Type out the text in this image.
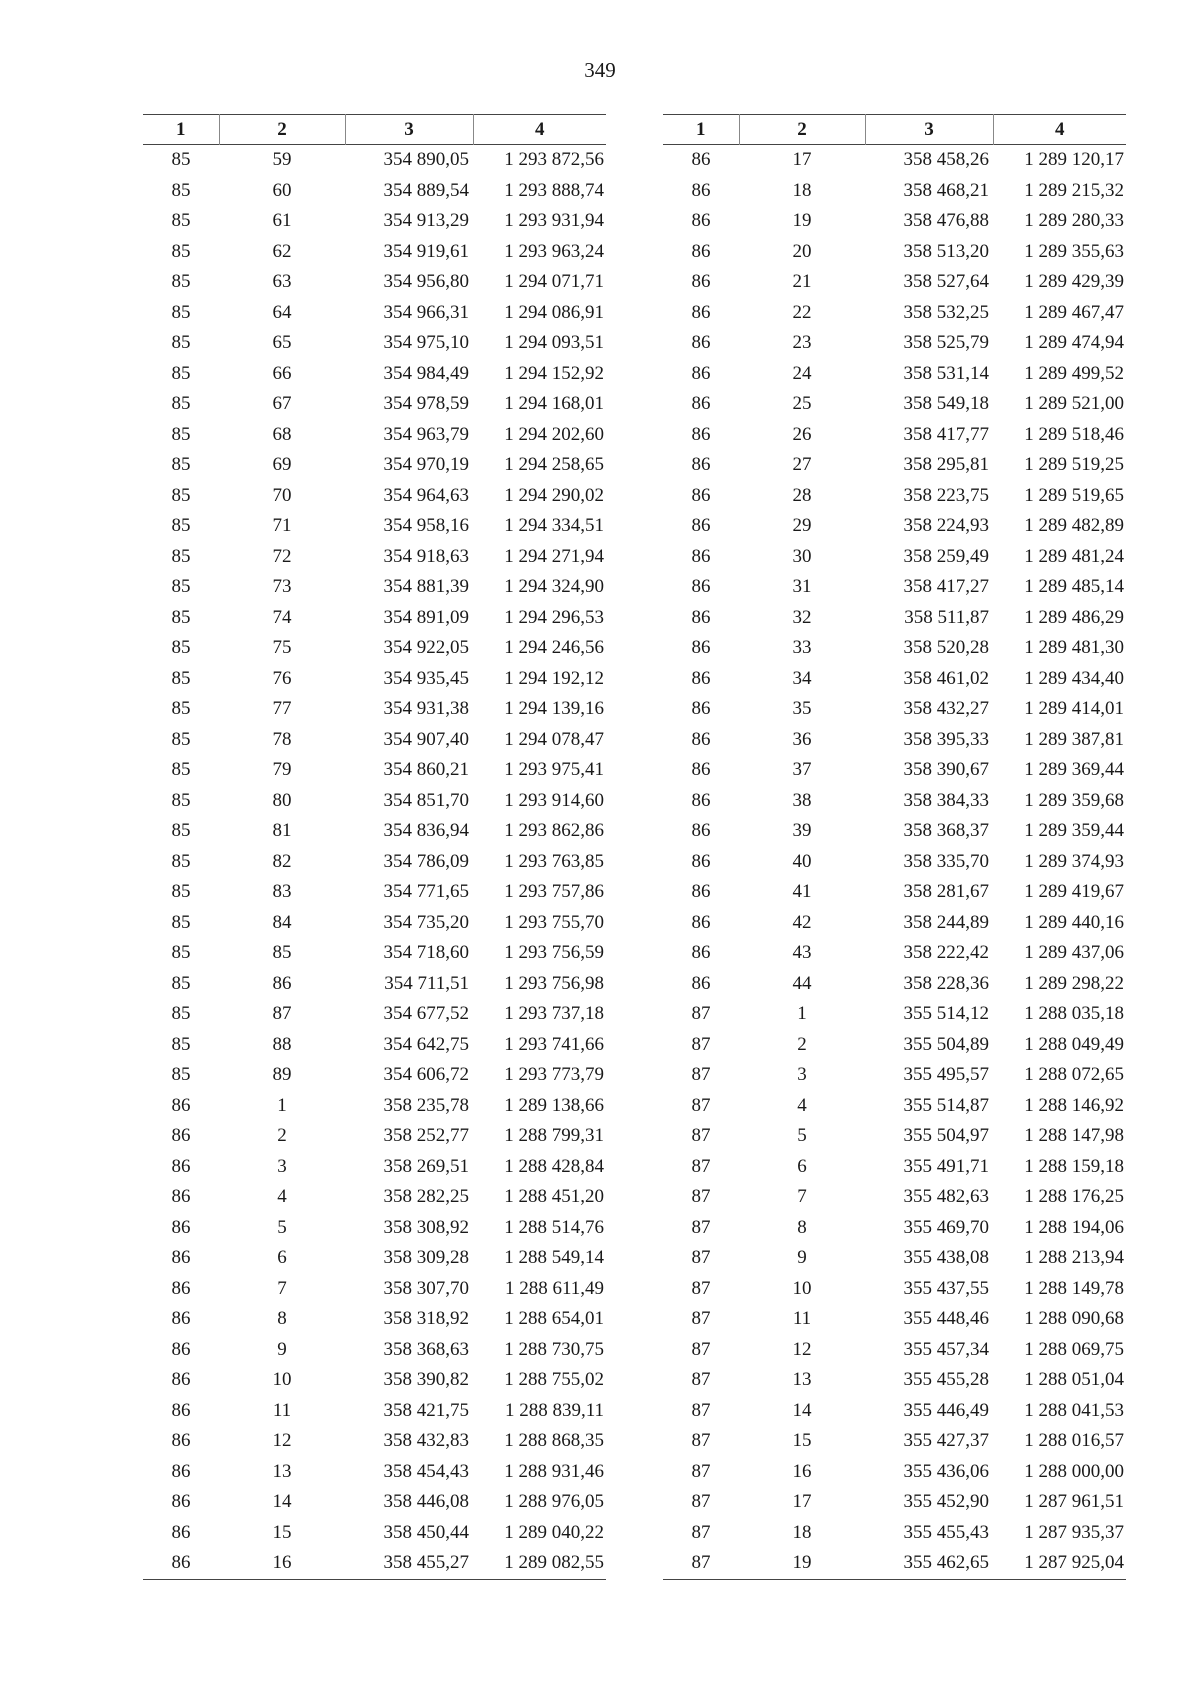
349
1	2	3	4
85	59	354 890,05	1 293 872,56
85	60	354 889,54	1 293 888,74
85	61	354 913,29	1 293 931,94
85	62	354 919,61	1 293 963,24
85	63	354 956,80	1 294 071,71
85	64	354 966,31	1 294 086,91
85	65	354 975,10	1 294 093,51
85	66	354 984,49	1 294 152,92
85	67	354 978,59	1 294 168,01
85	68	354 963,79	1 294 202,60
85	69	354 970,19	1 294 258,65
85	70	354 964,63	1 294 290,02
85	71	354 958,16	1 294 334,51
85	72	354 918,63	1 294 271,94
85	73	354 881,39	1 294 324,90
85	74	354 891,09	1 294 296,53
85	75	354 922,05	1 294 246,56
85	76	354 935,45	1 294 192,12
85	77	354 931,38	1 294 139,16
85	78	354 907,40	1 294 078,47
85	79	354 860,21	1 293 975,41
85	80	354 851,70	1 293 914,60
85	81	354 836,94	1 293 862,86
85	82	354 786,09	1 293 763,85
85	83	354 771,65	1 293 757,86
85	84	354 735,20	1 293 755,70
85	85	354 718,60	1 293 756,59
85	86	354 711,51	1 293 756,98
85	87	354 677,52	1 293 737,18
85	88	354 642,75	1 293 741,66
85	89	354 606,72	1 293 773,79
86	1	358 235,78	1 289 138,66
86	2	358 252,77	1 288 799,31
86	3	358 269,51	1 288 428,84
86	4	358 282,25	1 288 451,20
86	5	358 308,92	1 288 514,76
86	6	358 309,28	1 288 549,14
86	7	358 307,70	1 288 611,49
86	8	358 318,92	1 288 654,01
86	9	358 368,63	1 288 730,75
86	10	358 390,82	1 288 755,02
86	11	358 421,75	1 288 839,11
86	12	358 432,83	1 288 868,35
86	13	358 454,43	1 288 931,46
86	14	358 446,08	1 288 976,05
86	15	358 450,44	1 289 040,22
86	16	358 455,27	1 289 082,55
1	2	3	4
86	17	358 458,26	1 289 120,17
86	18	358 468,21	1 289 215,32
86	19	358 476,88	1 289 280,33
86	20	358 513,20	1 289 355,63
86	21	358 527,64	1 289 429,39
86	22	358 532,25	1 289 467,47
86	23	358 525,79	1 289 474,94
86	24	358 531,14	1 289 499,52
86	25	358 549,18	1 289 521,00
86	26	358 417,77	1 289 518,46
86	27	358 295,81	1 289 519,25
86	28	358 223,75	1 289 519,65
86	29	358 224,93	1 289 482,89
86	30	358 259,49	1 289 481,24
86	31	358 417,27	1 289 485,14
86	32	358 511,87	1 289 486,29
86	33	358 520,28	1 289 481,30
86	34	358 461,02	1 289 434,40
86	35	358 432,27	1 289 414,01
86	36	358 395,33	1 289 387,81
86	37	358 390,67	1 289 369,44
86	38	358 384,33	1 289 359,68
86	39	358 368,37	1 289 359,44
86	40	358 335,70	1 289 374,93
86	41	358 281,67	1 289 419,67
86	42	358 244,89	1 289 440,16
86	43	358 222,42	1 289 437,06
86	44	358 228,36	1 289 298,22
87	1	355 514,12	1 288 035,18
87	2	355 504,89	1 288 049,49
87	3	355 495,57	1 288 072,65
87	4	355 514,87	1 288 146,92
87	5	355 504,97	1 288 147,98
87	6	355 491,71	1 288 159,18
87	7	355 482,63	1 288 176,25
87	8	355 469,70	1 288 194,06
87	9	355 438,08	1 288 213,94
87	10	355 437,55	1 288 149,78
87	11	355 448,46	1 288 090,68
87	12	355 457,34	1 288 069,75
87	13	355 455,28	1 288 051,04
87	14	355 446,49	1 288 041,53
87	15	355 427,37	1 288 016,57
87	16	355 436,06	1 288 000,00
87	17	355 452,90	1 287 961,51
87	18	355 455,43	1 287 935,37
87	19	355 462,65	1 287 925,04
